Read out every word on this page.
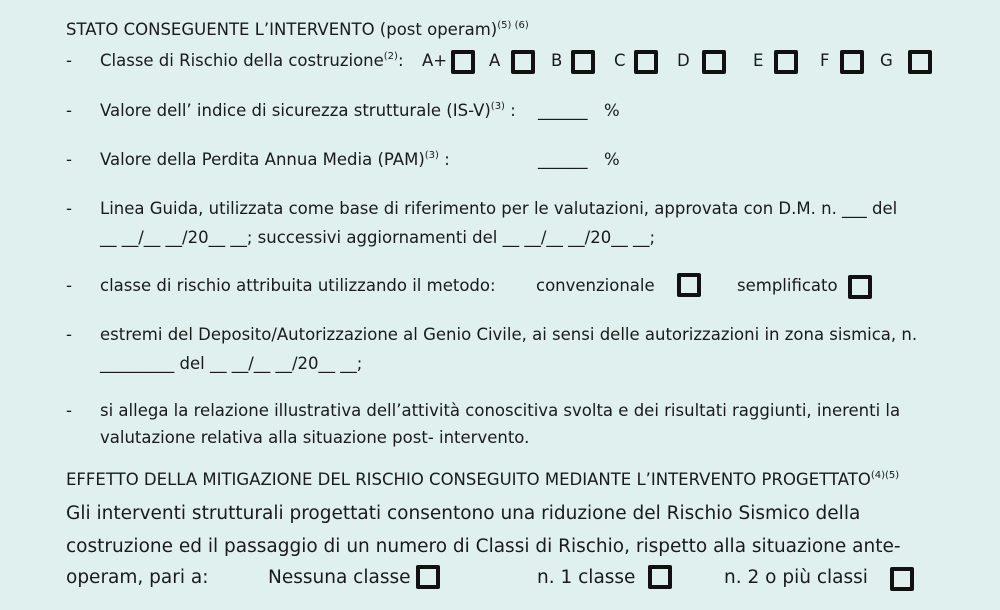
STATO CONSEGUENTE L’INTERVENTO (post operam)$^{(5) (6)}$
- Classe di Rischio della costruzione$^{(2)}$: A+	A	B	C	D	E	F	G
- Valore dell’ indice di sicurezza strutturale $(IS-V)^{(3)}$ : ______ %
- Valore della Perdita Annua Media (PAM)$^{(3)}$ :	______ %
- Linea Guida, utilizzata come base di riferimento per le valutazioni, approvata con D.M. n. ___ del
__ __/__ __/20__ __; successivi aggiornamenti del __ __/__ __/20__ __;
- classe di rischio attribuita utilizzando il metodo: convenzionale	semplificato
- estremi del Deposito/Autorizzazione al Genio Civile, ai sensi delle autorizzazioni in zona sismica, n.
_________ del __ __/__ __/20__ __;
- si allega la relazione illustrativa dell’attività conoscitiva svolta e dei risultati raggiunti, inerenti la
valutazione relativa alla situazione post- intervento.
EFFETTO DELLA MITIGAZIONE DEL RISCHIO CONSEGUITO MEDIANTE L’INTERVENTO $PROGETTATO^{(4)(5)}$
Gli interventi strutturali progettati consentono una riduzione del Rischio Sismico della
costruzione ed il passaggio di un numero di Classi di Rischio, rispetto alla situazione ante-
operam, pari a:	Nessuna classe	n. 1 classe	n. 2 o più classi
